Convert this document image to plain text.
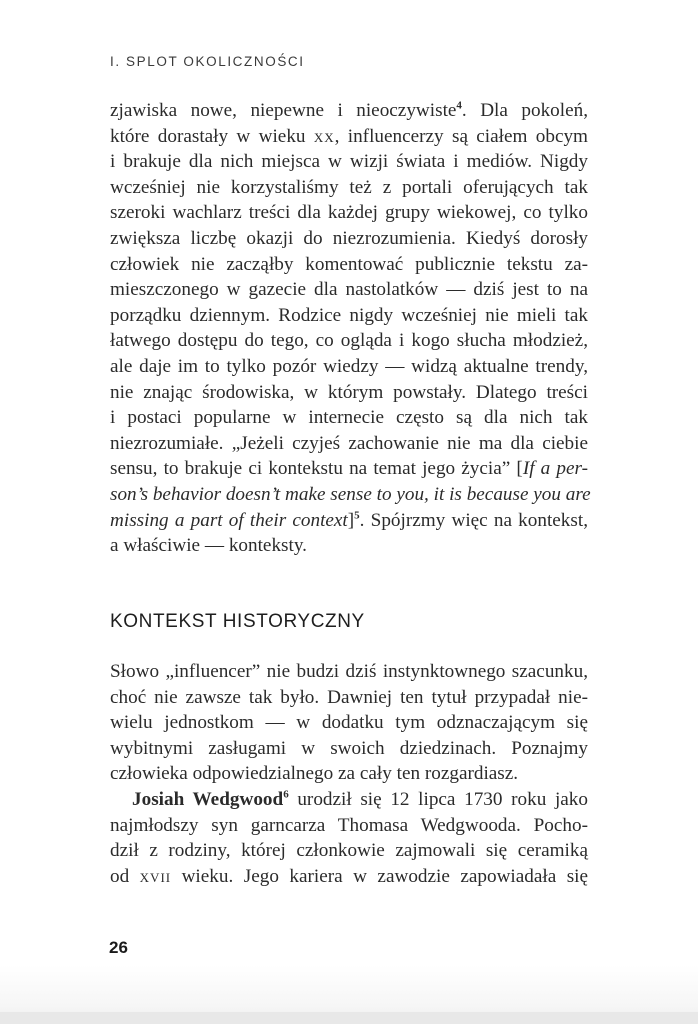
I. SPLOT OKOLICZNOŚCI
zjawiska nowe, niepewne i nieoczywiste$^4$. Dla pokoleń,
które dorastały w wieku xx, influencerzy są ciałem obcym
i brakuje dla nich miejsca w wizji świata i mediów. Nigdy
wcześniej nie korzystaliśmy też z portali oferujących tak
szeroki wachlarz treści dla każdej grupy wiekowej, co tylko
zwiększa liczbę okazji do niezrozumienia. Kiedyś dorosły
człowiek nie zacząłby komentować publicznie tekstu za-
mieszczonego w gazecie dla nastolatków — dziś jest to na
porządku dziennym. Rodzice nigdy wcześniej nie mieli tak
łatwego dostępu do tego, co ogląda i kogo słucha młodzież,
ale daje im to tylko pozór wiedzy — widzą aktualne trendy,
nie znając środowiska, w którym powstały. Dlatego treści
i postaci popularne w internecie często są dla nich tak
niezrozumiałe. „Jeżeli czyjeś zachowanie nie ma dla ciebie
sensu, to brakuje ci kontekstu na temat jego życia” [If a per-
son’s behavior doesn’t make sense to you, it is because you are
missing a part of their context]$^5$. Spójrzmy więc na kontekst,
a właściwie — konteksty.
KONTEKST HISTORYCZNY
Słowo „influencer” nie budzi dziś instynktownego szacunku,
choć nie zawsze tak było. Dawniej ten tytuł przypadał nie-
wielu jednostkom — w dodatku tym odznaczającym się
wybitnymi zasługami w swoich dziedzinach. Poznajmy
człowieka odpowiedzialnego za cały ten rozgardiasz.
Josiah Wedgwood$^6$ urodził się 12 lipca 1730 roku jako
najmłodszy syn garncarza Thomasa Wedgwooda. Pocho-
dził z rodziny, której członkowie zajmowali się ceramiką
od xvii wieku. Jego kariera w zawodzie zapowiadała się
26
